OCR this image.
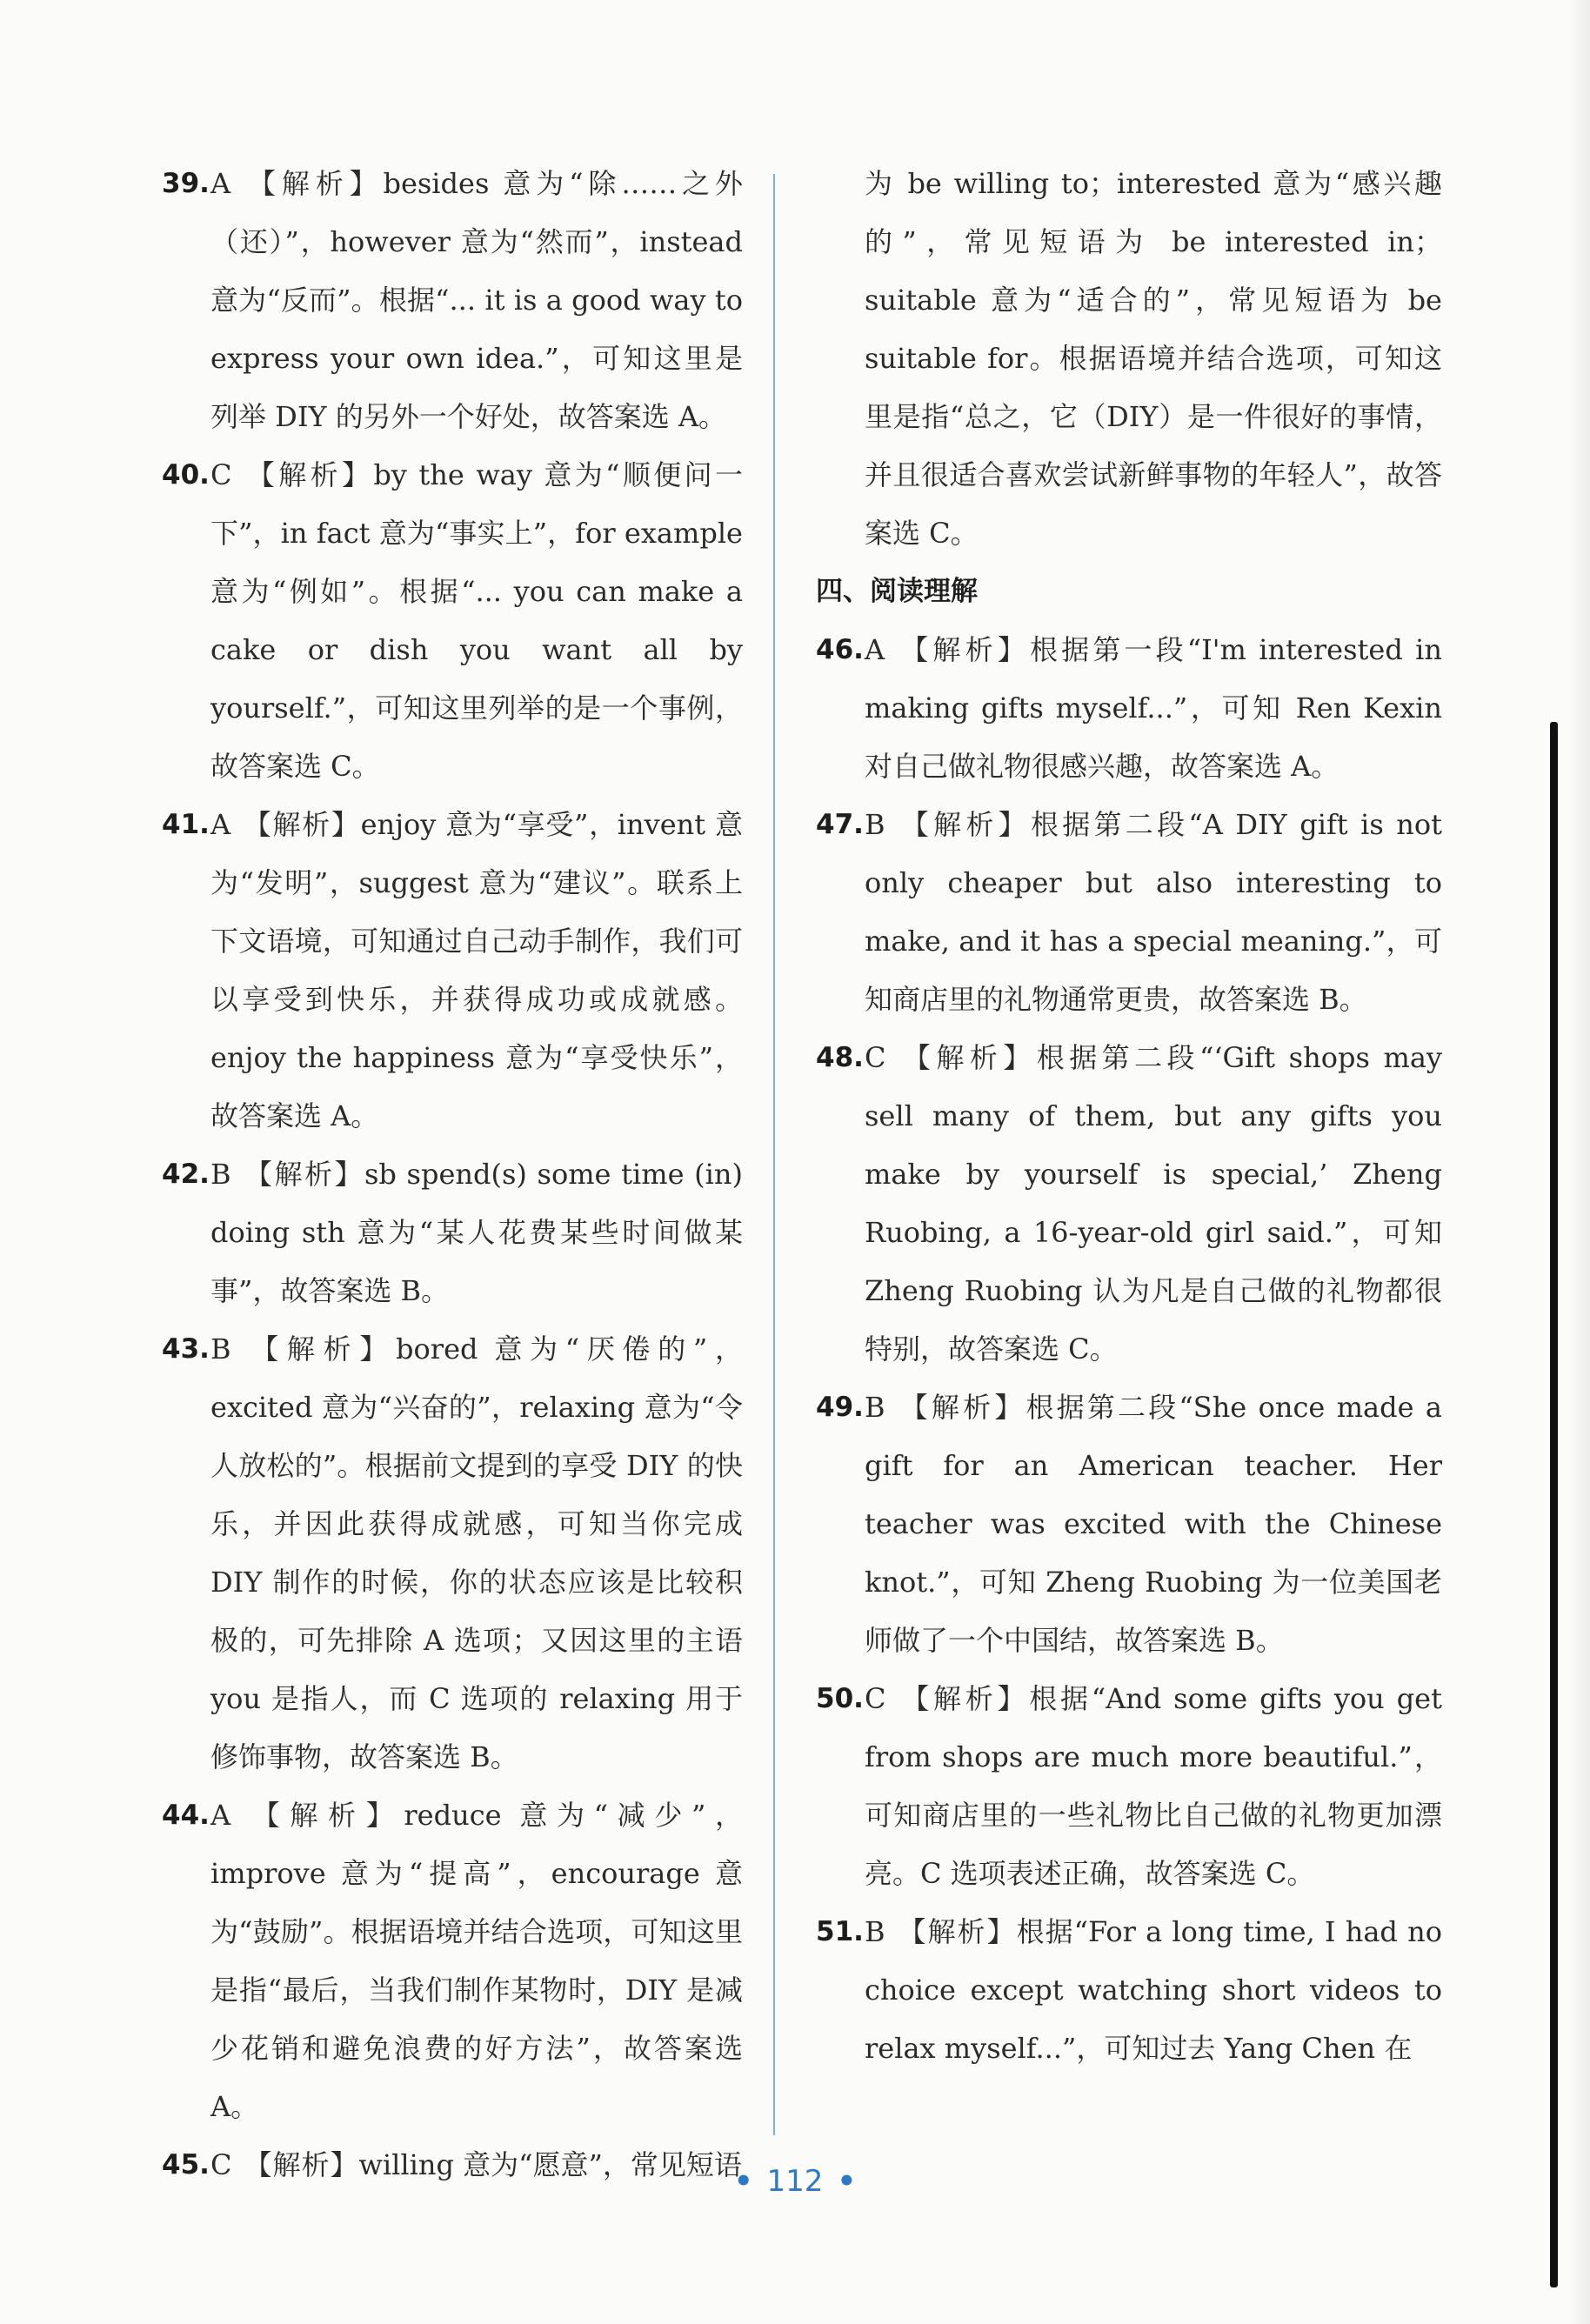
39. A 【解析】besides 意为“除……之外（还）”，however 意为“然而”，instead 意为“反而”。根据“... it is a good way to express your own idea.”，可知这里是列举 DIY 的另外一个好处，故答案选 A。
40. C 【解析】by the way 意为“顺便问一下”，in fact 意为“事实上”，for example 意为“例如”。根据“... you can make a cake or dish you want all by yourself.”，可知这里列举的是一个事例，故答案选 C。
41. A 【解析】enjoy 意为“享受”，invent 意为“发明”，suggest 意为“建议”。联系上下文语境，可知通过自己动手制作，我们可以享受到快乐，并获得成功或成就感。enjoy the happiness 意为“享受快乐”，故答案选 A。
42. B 【解析】sb spend(s) some time (in) doing sth 意为“某人花费某些时间做某事”，故答案选 B。
43. B 【解析】bored 意为“厌倦的”，excited 意为“兴奋的”，relaxing 意为“令人放松的”。根据前文提到的享受 DIY 的快乐，并因此获得成就感，可知当你完成 DIY 制作的时候，你的状态应该是比较积极的，可先排除 A 选项；又因这里的主语 you 是指人，而 C 选项的 relaxing 用于修饰事物，故答案选 B。
44. A 【解析】reduce 意为“减少”，improve 意为“提高”，encourage 意为“鼓励”。根据语境并结合选项，可知这里是指“最后，当我们制作某物时，DIY 是减少花销和避免浪费的好方法”，故答案选 A。
45. C 【解析】willing 意为“愿意”，常见短语
为 be willing to；interested 意为“感兴趣的”，常见短语为 be interested in；suitable 意为“适合的”，常见短语为 be suitable for。根据语境并结合选项，可知这里是指“总之，它（DIY）是一件很好的事情，并且很适合喜欢尝试新鲜事物的年轻人”，故答案选 C。
四、阅读理解
46. A 【解析】根据第一段“I'm interested in making gifts myself...”，可知 Ren Kexin 对自己做礼物很感兴趣，故答案选 A。
47. B 【解析】根据第二段“A DIY gift is not only cheaper but also interesting to make, and it has a special meaning.”，可知商店里的礼物通常更贵，故答案选 B。
48. C 【解析】根据第二段“‘Gift shops may sell many of them, but any gifts you make by yourself is special,’ Zheng Ruobing, a 16-year-old girl said.”，可知 Zheng Ruobing 认为凡是自己做的礼物都很特别，故答案选 C。
49. B 【解析】根据第二段“She once made a gift for an American teacher. Her teacher was excited with the Chinese knot.”，可知 Zheng Ruobing 为一位美国老师做了一个中国结，故答案选 B。
50. C 【解析】根据“And some gifts you get from shops are much more beautiful.”，可知商店里的一些礼物比自己做的礼物更加漂亮。C 选项表述正确，故答案选 C。
51. B 【解析】根据“For a long time, I had no choice except watching short videos to relax myself...”，可知过去 Yang Chen 在
• 112 •
